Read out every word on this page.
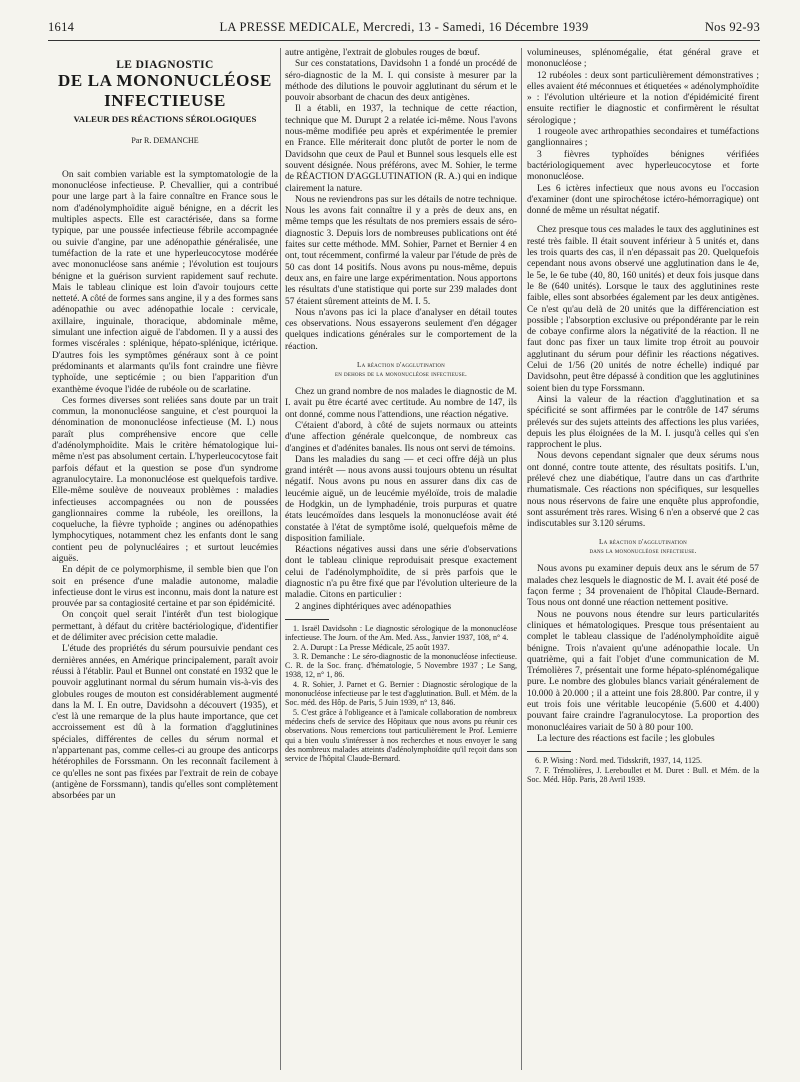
1614	LA PRESSE MEDICALE, Mercredi, 13 - Samedi, 16 Décembre 1939	Nos 92-93
LE DIAGNOSTIC
DE LA MONONUCLÉOSE
INFECTIEUSE
VALEUR DES RÉACTIONS SÉROLOGIQUES
Par R. DEMANCHE

On sait combien variable est la symptomatologie de la mononucléose infectieuse. P. Chevallier, qui a contribué pour une large part à la faire connaître en France sous le nom d'adénolymphoïdite aiguë bénigne, en a décrit les multiples aspects. Elle est caractérisée, dans sa forme typique, par une poussée infectieuse fébrile accompagnée ou suivie d'angine, par une adénopathie généralisée, une tuméfaction de la rate et une hyperleucocytose modérée avec mononucléose sans anémie ; l'évolution est toujours bénigne et la guérison survient rapidement sauf rechute. Mais le tableau clinique est loin d'avoir toujours cette netteté. A côté de formes sans angine, il y a des formes sans adénopathie ou avec adénopathie locale : cervicale, axillaire, inguinale, thoracique, abdominale même, simulant une infection aiguë de l'abdomen. Il y a aussi des formes viscérales : splénique, hépato-splénique, ictérique. D'autres fois les symptômes généraux sont à ce point prédominants et alarmants qu'ils font craindre une fièvre typhoïde, une septicémie ; ou bien l'apparition d'un exanthème évoque l'idée de rubéole ou de scarlatine.

Ces formes diverses sont reliées sans doute par un trait commun, la mononucléose sanguine, et c'est pourquoi la dénomination de mononucléose infectieuse (M. I.) nous paraît plus compréhensive encore que celle d'adénolymphoïdite. Mais le critère hématologique lui-même n'est pas absolument certain. L'hyperleucocytose fait parfois défaut et la question se pose d'un syndrome agranulocytaire. La mononucléose est quelquefois tardive. Elle-même soulève de nouveaux problèmes : maladies infectieuses accompagnées ou non de poussées ganglionnaires comme la rubéole, les oreillons, la coqueluche, la fièvre typhoïde ; angines ou adénopathies lymphocytiques, notamment chez les enfants dont le sang contient peu de polynucléaires ; et surtout leucémies aiguës.

En dépit de ce polymorphisme, il semble bien que l'on soit en présence d'une maladie autonome, maladie infectieuse dont le virus est inconnu, mais dont la nature est prouvée par sa contagiosité certaine et par son épidémicité.

On conçoit quel serait l'intérêt d'un test biologique permettant, à défaut du critère bactériologique, d'identifier et de délimiter avec précision cette maladie.

L'étude des propriétés du sérum poursuivie pendant ces dernières années, en Amérique principalement, paraît avoir réussi à l'établir. Paul et Bunnel ont constaté en 1932 que le pouvoir agglutinant normal du sérum humain vis-à-vis des globules rouges de mouton est considérablement augmenté dans la M. I. En outre, Davidsohn a découvert (1935), et c'est là une remarque de la plus haute importance, que cet accroissement est dû à la formation d'agglutinines spéciales, différentes de celles du sérum normal et n'appartenant pas, comme celles-ci au groupe des anticorps hétérophiles de Forssmann. On les reconnaît facilement à ce qu'elles ne sont pas fixées par l'extrait de rein de cobaye (antigène de Forssmann), tandis qu'elles sont complètement absorbées par un

autre antigène, l'extrait de globules rouges de bœuf.

Sur ces constatations, Davidsohn 1 a fondé un procédé de séro-diagnostic de la M. I. qui consiste à mesurer par la méthode des dilutions le pouvoir agglutinant du sérum et le pouvoir absorbant de chacun des deux antigènes.

Il a établi, en 1937, la technique de cette réaction, technique que M. Durupt 2 a relatée ici-même. Nous l'avons nous-même modifiée peu après et expérimentée le premier en France. Elle mériterait donc plutôt de porter le nom de Davidsohn que ceux de Paul et Bunnel sous lesquels elle est souvent désignée. Nous préférons, avec M. Sohier, le terme de RÉACTION D'AGGLUTINATION (R. A.) qui en indique clairement la nature.

Nous ne reviendrons pas sur les détails de notre technique. Nous les avons fait connaître il y a près de deux ans, en même temps que les résultats de nos premiers essais de séro-diagnostic 3. Depuis lors de nombreuses publications ont été faites sur cette méthode. MM. Sohier, Parnet et Bernier 4 en ont, tout récemment, confirmé la valeur par l'étude de près de 50 cas dont 14 positifs. Nous avons pu nous-même, depuis deux ans, en faire une large expérimentation. Nous apportons les résultats d'une statistique qui porte sur 239 malades dont 57 étaient sûrement atteints de M. I. 5.

Nous n'avons pas ici la place d'analyser en détail toutes ces observations. Nous essayerons seulement d'en dégager quelques indications générales sur le comportement de la réaction.

La réaction d'agglutination
en dehors de la mononucléose infectieuse.

Chez un grand nombre de nos malades le diagnostic de M. I. avait pu être écarté avec certitude. Au nombre de 147, ils ont donné, comme nous l'attendions, une réaction négative.

C'étaient d'abord, à côté de sujets normaux ou atteints d'une affection générale quelconque, de nombreux cas d'angines et d'adénites banales. Ils nous ont servi de témoins.

Dans les maladies du sang — et ceci offre déjà un plus grand intérêt — nous avons aussi toujours obtenu un résultat négatif. Nous avons pu nous en assurer dans dix cas de leucémie aiguë, un de leucémie myéloïde, trois de maladie de Hodgkin, un de lymphadénie, trois purpuras et quatre états leucémoïdes dans lesquels la mononucléose avait été constatée à l'état de symptôme isolé, quelquefois même de disposition familiale.

Réactions négatives aussi dans une série d'observations dont le tableau clinique reproduisait presque exactement celui de l'adénolymphoïdite, de si près parfois que le diagnostic n'a pu être fixé que par l'évolution ulterieure de la maladie. Citons en particulier :

2 angines diphtériques avec adénopathies

1. Israël Davidsohn : Le diagnostic sérologique de la mononucléose infectieuse. The Journ. of the Am. Med. Ass., Janvier 1937, 108, n° 4.

2. A. Durupt : La Presse Médicale, 25 août 1937.

3. R. Demanche : Le séro-diagnostic de la mononucléose infectieuse. C. R. de la Soc. franç. d'hématologie, 5 Novembre 1937 ; Le Sang, 1938, 12, n° 1, 86.

4. R. Sohier, J. Parnet et G. Bernier : Diagnostic sérologique de la mononucléose infectieuse par le test d'agglutination. Bull. et Mém. de la Soc. méd. des Hôp. de Paris, 5 Juin 1939, n° 13, 846.

5. C'est grâce à l'obligeance et à l'amicale collaboration de nombreux médecins chefs de service des Hôpitaux que nous avons pu réunir ces observations. Nous remercions tout particulièrement le Prof. Lemierre qui a bien voulu s'intéresser à nos recherches et nous envoyer le sang des nombreux malades atteints d'adénolymphoïdite qu'il reçoit dans son service de l'hôpital Claude-Bernard.

volumineuses, splénomégalie, état général grave et mononucléose ;

12 rubéoles : deux sont particulièrement démonstratives ; elles avaient été méconnues et étiquetées « adénolymphoïdite » : l'évolution ultérieure et la notion d'épidémicité firent ensuite rectifier le diagnostic et confirmèrent le résultat sérologique ;

1 rougeole avec arthropathies secondaires et tuméfactions ganglionnaires ;

3 fièvres typhoïdes bénignes vérifiées bactériologiquement avec hyperleucocytose et forte mononucléose.

Les 6 ictères infectieux que nous avons eu l'occasion d'examiner (dont une spirochétose ictéro-hémorragique) ont donné de même un résultat négatif.

Chez presque tous ces malades le taux des agglutinines est resté très faible. Il était souvent inférieur à 5 unités et, dans les trois quarts des cas, il n'en dépassait pas 20. Quelquefois cependant nous avons observé une agglutination dans le 4e, le 5e, le 6e tube (40, 80, 160 unités) et deux fois jusque dans le 8e (640 unités). Lorsque le taux des agglutinines reste faible, elles sont absorbées également par les deux antigènes. Ce n'est qu'au delà de 20 unités que la différenciation est possible ; l'absorption exclusive ou prépondérante par le rein de cobaye confirme alors la négativité de la réaction. Il ne faut donc pas fixer un taux limite trop étroit au pouvoir agglutinant du sérum pour définir les réactions négatives. Celui de 1/56 (20 unités de notre échelle) indiqué par Davidsohn, peut être dépassé à condition que les agglutinines soient bien du type Forssmann.

Ainsi la valeur de la réaction d'agglutination et sa spécificité se sont affirmées par le contrôle de 147 sérums prélevés sur des sujets atteints des affections les plus variées, depuis les plus éloignées de la M. I. jusqu'à celles qui s'en rapprochent le plus.

Nous devons cependant signaler que deux sérums nous ont donné, contre toute attente, des résultats positifs. L'un, prélevé chez une diabétique, l'autre dans un cas d'arthrite rhumatismale. Ces réactions non spécifiques, sur lesquelles nous nous réservons de faire une enquête plus approfondie, sont assurément très rares. Wising 6 n'en a observé que 2 cas indiscutables sur 3.120 sérums.

La réaction d'agglutination
dans la mononucléose infectieuse.

Nous avons pu examiner depuis deux ans le sérum de 57 malades chez lesquels le diagnostic de M. I. avait été posé de façon ferme ; 34 provenaient de l'hôpital Claude-Bernard. Tous nous ont donné une réaction nettement positive.

Nous ne pouvons nous étendre sur leurs particularités cliniques et hématologiques. Presque tous présentaient au complet le tableau classique de l'adénolymphoïdite aiguë bénigne. Trois n'avaient qu'une adénopathie locale. Un quatrième, qui a fait l'objet d'une communication de M. Trémolières 7, présentait une forme hépato-splénomégalique pure. Le nombre des globules blancs variait généralement de 10.000 à 20.000 ; il a atteint une fois 28.800. Par contre, il y eut trois fois une véritable leucopénie (5.600 et 4.400) pouvant faire craindre l'agranulocytose. La proportion des mononucléaires variait de 50 à 80 pour 100.

La lecture des réactions est facile ; les globules

6. P. Wising : Nord. med. Tidsskrift, 1937, 14, 1125.

7. F. Trémolières, J. Lereboullet et M. Duret : Bull. et Mém. de la Soc. Méd. Hôp. Paris, 28 Avril 1939.
